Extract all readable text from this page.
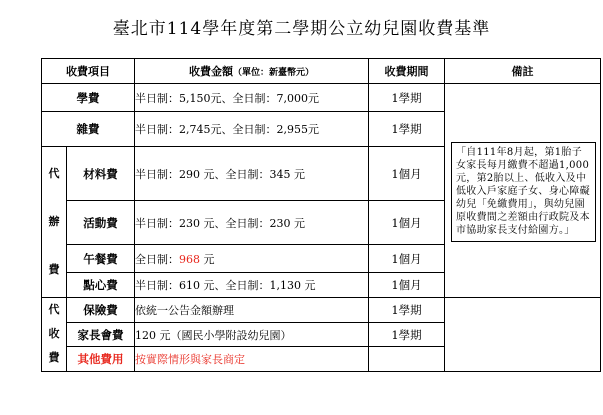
臺北市114學年度第二學期公立幼兒園收費基準
收費項目		收費金額（單位：新臺幣元）	收費期間	備註
學費		半日制：5,150元、全日制：7,000元	1學期	「自111年8月起，第1胎子女家長每月繳費不超過1,000元，第2胎以上、低收入及中低收入戶家庭子女、身心障礙幼兒「免繳費用」，與幼兒園原收費間之差額由行政院及本市協助家長支付給園方。」

雜費		半日制：2,745元、全日制：2,955元	1學期	
代

辦

費	材料費	半日制：290 元、全日制：345 元	1個月	
	活動費	半日制：230 元、全日制：230 元	1個月	
	午餐費	全日制：968 元	1個月	
	點心費	半日制：610 元、全日制：1,130 元	1個月	
代
收
費	保險費	依統一公告金額辦理	1學期	
	家長會費	120 元（國民小學附設幼兒園）	1學期	
	其他費用	按實際情形與家長商定		
